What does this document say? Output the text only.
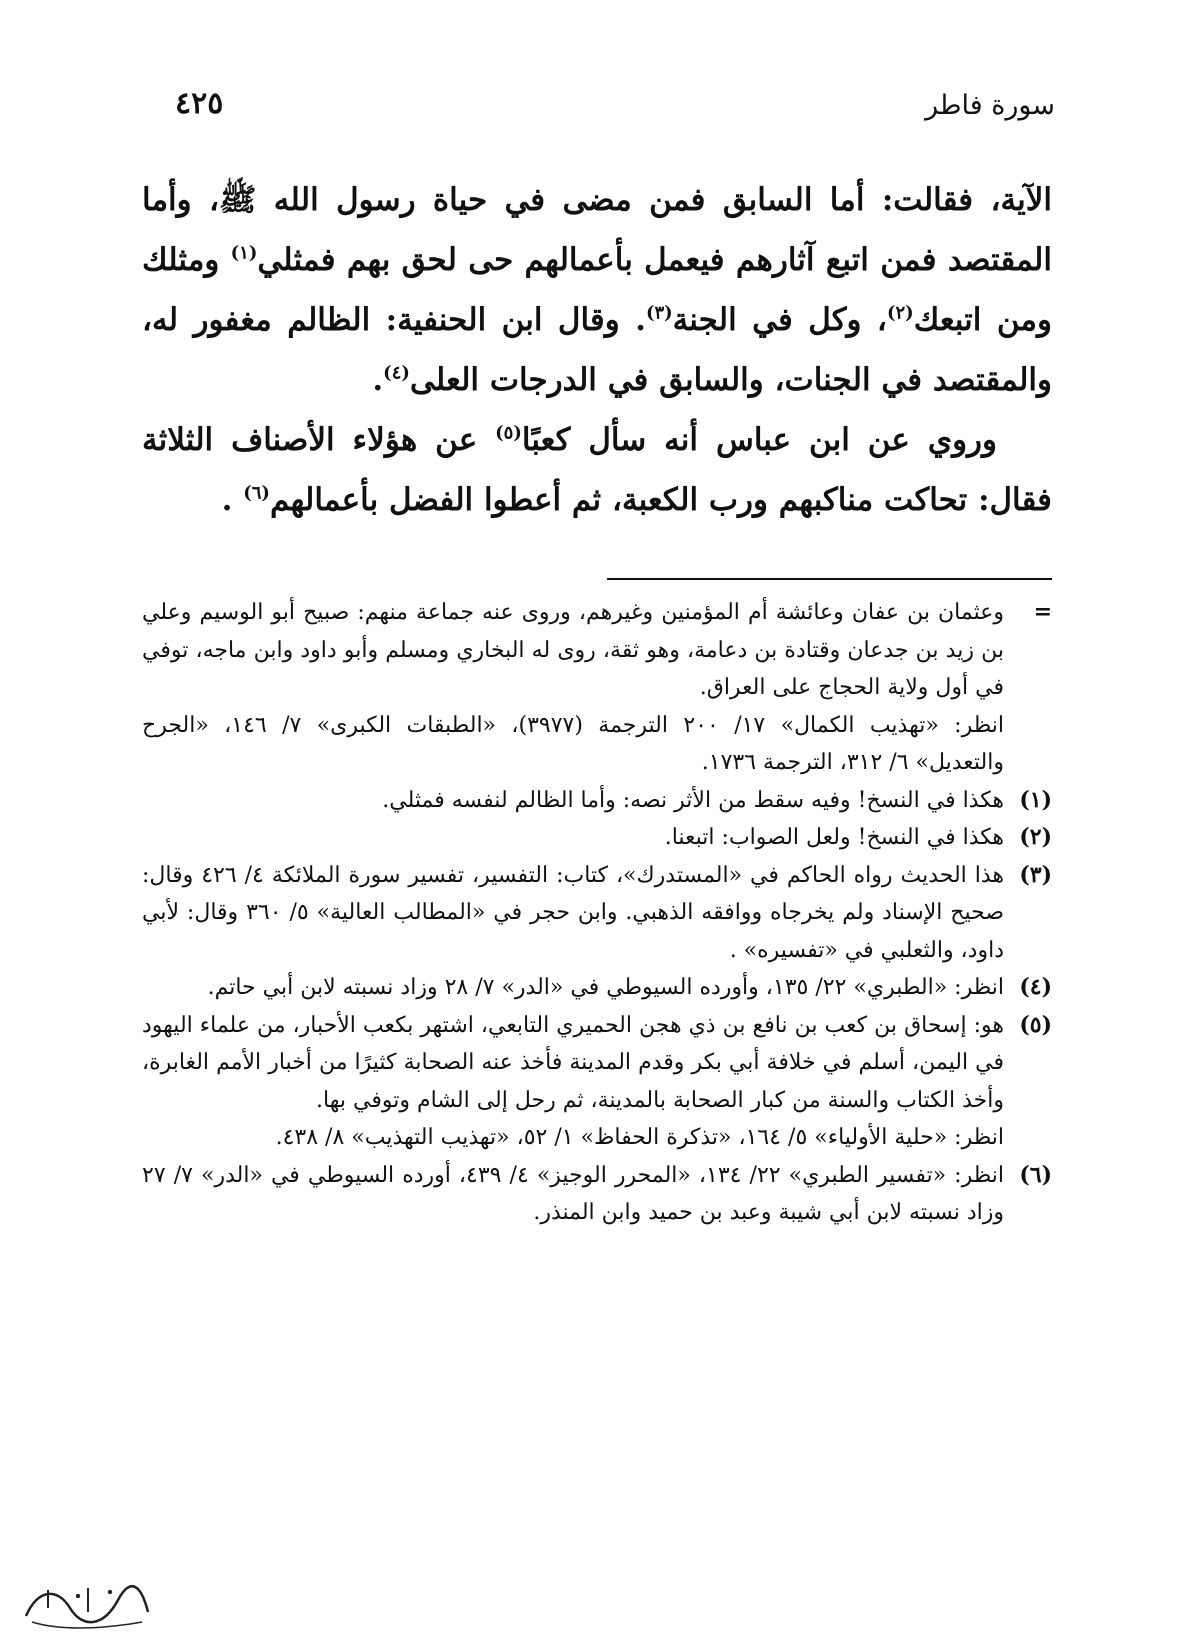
سورة فاطر
٤٢٥

الآية، فقالت: أما السابق فمن مضى في حياة رسول الله ﷺ، وأما المقتصد فمن اتبع آثارهم فيعمل بأعمالهم حى لحق بهم فمثلي$^{(١)}$ ومثلك ومن اتبعك$^{(٢)}$، وكل في الجنة$^{(٣)}$. وقال ابن الحنفية: الظالم مغفور له، والمقتصد في الجنات، والسابق في الدرجات العلى$^{(٤)}$.

وروي عن ابن عباس أنه سأل كعبًا$^{(٥)}$ عن هؤلاء الأصناف الثلاثة فقال: تحاكت مناكبهم ورب الكعبة، ثم أعطوا الفضل بأعمالهم$^{(٦)}$ .

=

وعثمان بن عفان وعائشة أم المؤمنين وغيرهم، وروى عنه جماعة منهم: صبيح أبو الوسيم وعلي بن زيد بن جدعان وقتادة بن دعامة، وهو ثقة، روى له البخاري ومسلم وأبو داود وابن ماجه، توفي في أول ولاية الحجاج على العراق.

انظر: «تهذيب الكمال» ١٧/ ٢٠٠ الترجمة (٣٩٧٧)، «الطبقات الكبرى» ٧/ ١٤٦، «الجرح والتعديل» ٦/ ٣١٢، الترجمة ١٧٣٦.

(١)

هكذا في النسخ! وفيه سقط من الأثر نصه: وأما الظالم لنفسه فمثلي.

(٢)

هكذا في النسخ! ولعل الصواب: اتبعنا.

(٣)

هذا الحديث رواه الحاكم في «المستدرك»، كتاب: التفسير، تفسير سورة الملائكة ٤/ ٤٢٦ وقال: صحيح الإسناد ولم يخرجاه ووافقه الذهبي. وابن حجر في «المطالب العالية» ٥/ ٣٦٠ وقال: لأبي داود، والثعلبي في «تفسيره» .

(٤)

انظر: «الطبري» ٢٢/ ١٣٥، وأورده السيوطي في «الدر» ٧/ ٢٨ وزاد نسبته لابن أبي حاتم.

(٥)

هو: إسحاق بن كعب بن نافع بن ذي هجن الحميري التابعي، اشتهر بكعب الأحبار، من علماء اليهود في اليمن، أسلم في خلافة أبي بكر وقدم المدينة فأخذ عنه الصحابة كثيرًا من أخبار الأمم الغابرة، وأخذ الكتاب والسنة من كبار الصحابة بالمدينة، ثم رحل إلى الشام وتوفي بها.

انظر: «حلية الأولياء» ٥/ ١٦٤، «تذكرة الحفاظ» ١/ ٥٢، «تهذيب التهذيب» ٨/ ٤٣٨.

(٦)

انظر: «تفسير الطبري» ٢٢/ ١٣٤، «المحرر الوجيز» ٤/ ٤٣٩، أورده السيوطي في «الدر» ٧/ ٢٧ وزاد نسبته لابن أبي شيبة وعبد بن حميد وابن المنذر.
